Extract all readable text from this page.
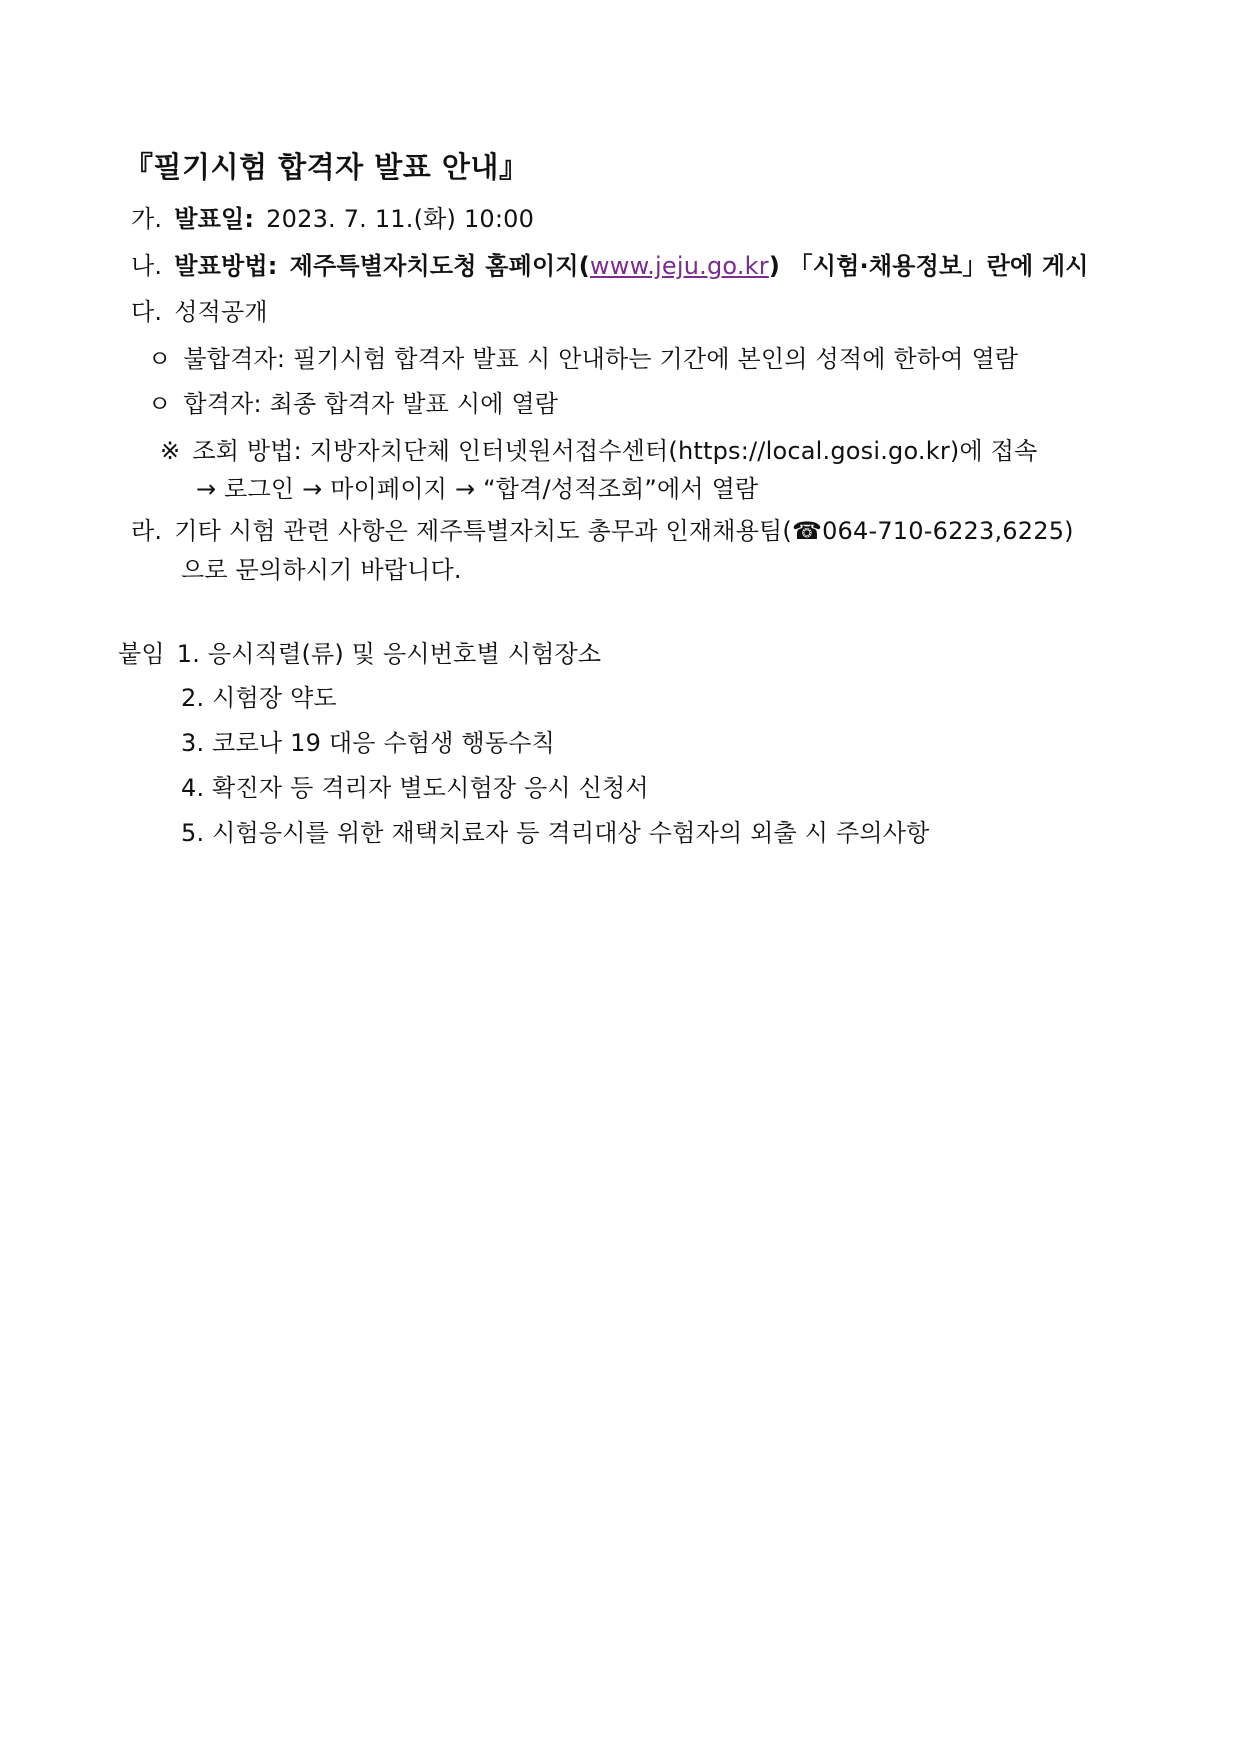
『필기시험 합격자 발표 안내』
가. 발표일: 2023. 7. 11.(화) 10:00
나. 발표방법: 제주특별자치도청 홈페이지(www.jeju.go.kr) 「시험·채용정보」란에 게시
다. 성적공개
ㅇ 불합격자: 필기시험 합격자 발표 시 안내하는 기간에 본인의 성적에 한하여 열람
ㅇ 합격자: 최종 합격자 발표 시에 열람
※ 조회 방법: 지방자치단체 인터넷원서접수센터(https://local.gosi.go.kr)에 접속
→ 로그인 → 마이페이지 → “합격/성적조회”에서 열람
라. 기타 시험 관련 사항은 제주특별자치도 총무과 인재채용팀(☎064-710-6223,6225)
으로 문의하시기 바랍니다.
붙임 1. 응시직렬(류) 및 응시번호별 시험장소
2. 시험장 약도
3. 코로나 19 대응 수험생 행동수칙
4. 확진자 등 격리자 별도시험장 응시 신청서
5. 시험응시를 위한 재택치료자 등 격리대상 수험자의 외출 시 주의사항
